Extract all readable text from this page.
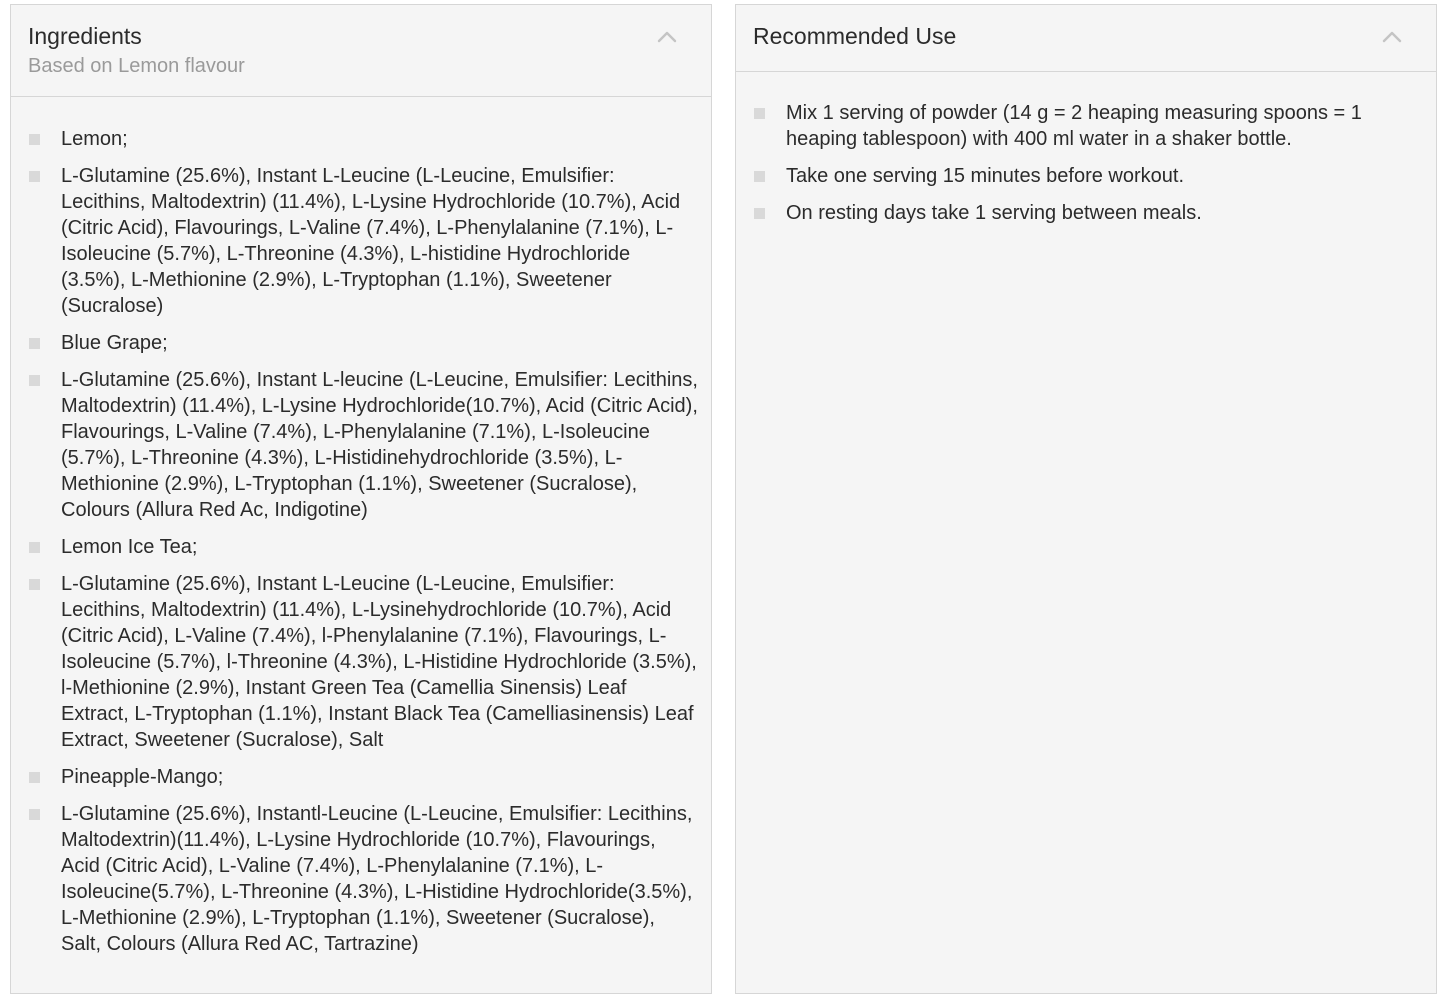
Ingredients
Based on Lemon flavour
Lemon;
L-Glutamine (25.6%), Instant L-Leucine (L-Leucine, Emulsifier: Lecithins, Maltodextrin) (11.4%), L-Lysine Hydrochloride (10.7%), Acid (Citric Acid), Flavourings, L-Valine (7.4%), L-Phenylalanine (7.1%), L-Isoleucine (5.7%), L-Threonine (4.3%), L-histidine Hydrochloride (3.5%), L-Methionine (2.9%), L-Tryptophan (1.1%), Sweetener (Sucralose)
Blue Grape;
L-Glutamine (25.6%), Instant L-leucine (L-Leucine, Emulsifier: Lecithins, Maltodextrin) (11.4%), L-Lysine Hydrochloride(10.7%), Acid (Citric Acid), Flavourings, L-Valine (7.4%), L-Phenylalanine (7.1%), L-Isoleucine (5.7%), L-Threonine (4.3%), L-Histidinehydrochloride (3.5%), L-Methionine (2.9%), L-Tryptophan (1.1%), Sweetener (Sucralose), Colours (Allura Red Ac, Indigotine)
Lemon Ice Tea;
L-Glutamine (25.6%), Instant L-Leucine (L-Leucine, Emulsifier: Lecithins, Maltodextrin) (11.4%), L-Lysinehydrochloride (10.7%), Acid (Citric Acid), L-Valine (7.4%), l-Phenylalanine (7.1%), Flavourings, L-Isoleucine (5.7%), l-Threonine (4.3%), L-Histidine Hydrochloride (3.5%), l-Methionine (2.9%), Instant Green Tea (Camellia Sinensis) Leaf Extract, L-Tryptophan (1.1%), Instant Black Tea (Camelliasinensis) Leaf Extract, Sweetener (Sucralose), Salt
Pineapple-Mango;
L-Glutamine (25.6%), Instantl-Leucine (L-Leucine, Emulsifier: Lecithins, Maltodextrin)(11.4%), L-Lysine Hydrochloride (10.7%), Flavourings, Acid (Citric Acid), L-Valine (7.4%), L-Phenylalanine (7.1%), L-Isoleucine(5.7%), L-Threonine (4.3%), L-Histidine Hydrochloride(3.5%), L-Methionine (2.9%), L-Tryptophan (1.1%), Sweetener (Sucralose), Salt, Colours (Allura Red AC, Tartrazine)
Recommended Use
Mix 1 serving of powder (14 g = 2 heaping measuring spoons = 1 heaping tablespoon) with 400 ml water in a shaker bottle.
Take one serving 15 minutes before workout.
On resting days take 1 serving between meals.
